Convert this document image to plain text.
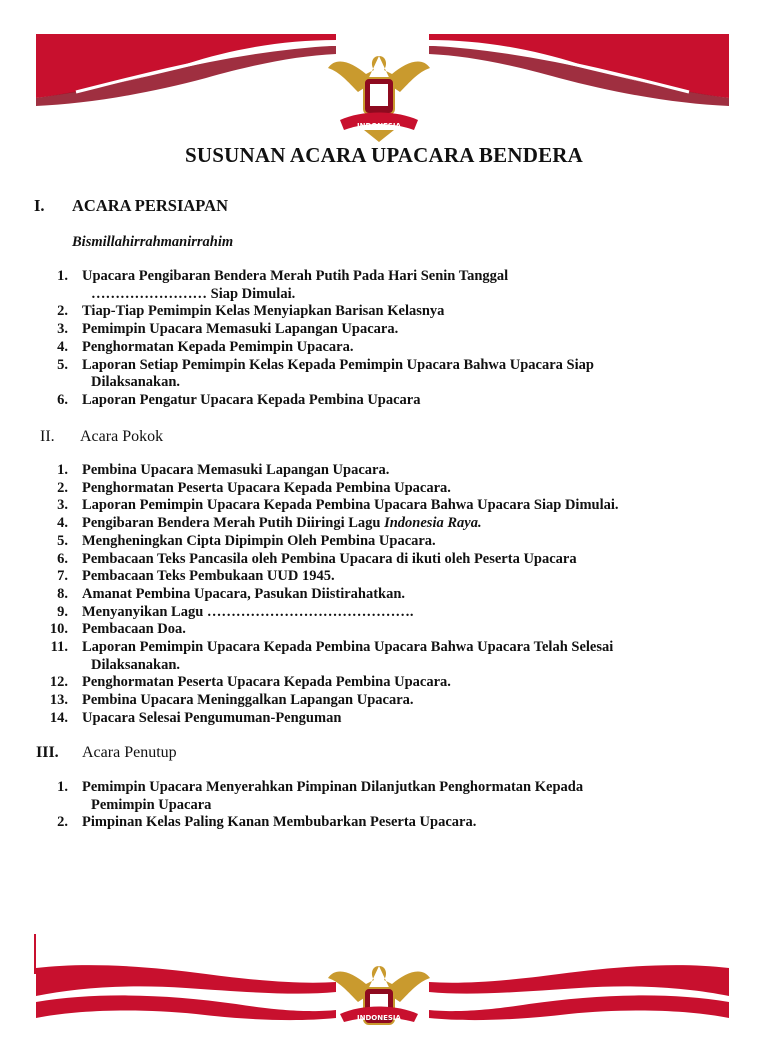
INDONESIA
SUSUNAN ACARA UPACARA BENDERA
I. ACARA PERSIAPAN
Bismillahirrahmanirrahim
1. Upacara Pengibaran Bendera Merah Putih Pada Hari Senin Tanggal
…………………… Siap Dimulai.
2. Tiap-Tiap Pemimpin Kelas Menyiapkan Barisan Kelasnya
3. Pemimpin Upacara Memasuki Lapangan Upacara.
4. Penghormatan Kepada Pemimpin Upacara.
5. Laporan Setiap Pemimpin Kelas Kepada Pemimpin Upacara Bahwa Upacara Siap
Dilaksanakan.
6. Laporan Pengatur Upacara Kepada Pembina Upacara
II. Acara Pokok
1. Pembina Upacara Memasuki Lapangan Upacara.
2. Penghormatan Peserta Upacara Kepada Pembina Upacara.
3. Laporan Pemimpin Upacara Kepada Pembina Upacara Bahwa Upacara Siap Dimulai.
4. Pengibaran Bendera Merah Putih Diiringi Lagu Indonesia Raya.
5. Mengheningkan Cipta Dipimpin Oleh Pembina Upacara.
6. Pembacaan Teks Pancasila oleh Pembina Upacara di ikuti oleh Peserta Upacara
7. Pembacaan Teks Pembukaan UUD 1945.
8. Amanat Pembina Upacara, Pasukan Diistirahatkan.
9. Menyanyikan Lagu …………………………………….
10. Pembacaan Doa.
11. Laporan Pemimpin Upacara Kepada Pembina Upacara Bahwa Upacara Telah Selesai
Dilaksanakan.
12. Penghormatan Peserta Upacara Kepada Pembina Upacara.
13. Pembina Upacara Meninggalkan Lapangan Upacara.
14. Upacara Selesai Pengumuman-Penguman
III. Acara Penutup
1. Pemimpin Upacara Menyerahkan Pimpinan Dilanjutkan Penghormatan Kepada
Pemimpin Upacara
2. Pimpinan Kelas Paling Kanan Membubarkan Peserta Upacara.
INDONESIA
